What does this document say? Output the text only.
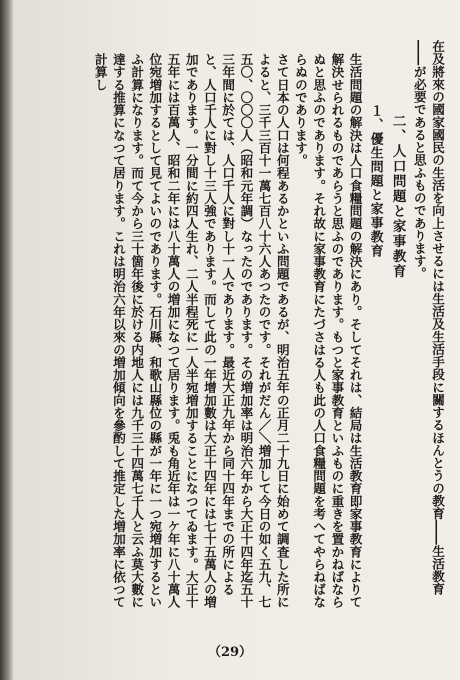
在及將來の國家國民の生活を向上させるには生活及生活手段に關するほんとうの教育――生活教育――が必要であると思ふものであります。

二、人口問題と家事教育
１、優生問題と家事教育

生活問題の解決は人口食糧問題の解決にあり。そしてそれは、結局は生活教育即家事教育によりて解決せられるものであらうと思ふのであります。もつと家事教育といふものに重きを置かねばならぬと思ふのであります。それ故に家事教育にたづさはる人も此の人口食糧問題を考へてやらねばならぬのであります。

さて日本の人口は何程あるかといふ問題であるが、明治五年の正月二十九日に始めて調査した所によると、三千三百十一萬七百八十六人あつたのです。それがだん／＼増加して今日の如く五九、七五〇、〇〇〇人（昭和元年調）なったのであります。その増加率は明治六年から大正十四年迄五十三年間に於ては、人口千人に對し十一人であります。最近大正九年から同十四年までの所によると、人口千人に對し十三人強であります。而して此の一年增加數は大正十四年には七十五萬人の増加であります。一分間に約四人生れ、二人半程死に一人半宛増加することになつてゐます。大正十五年には百萬人、昭和二年には八十萬人の増加になつて居ります。兎も角近年は一ケ年に八十萬人位宛増加するとして見てよいのであります。石川縣、和歌山縣位の縣が一年に一つ宛増加するといふ計算になります。而て今から三十箇年後に於ける内地人には九千三十四萬七千人と云ふ莫大數に達する推算になつて居ります。これは明治六年以來の増加傾向を參酌して推定した増加率に依つて計算し

（29）
